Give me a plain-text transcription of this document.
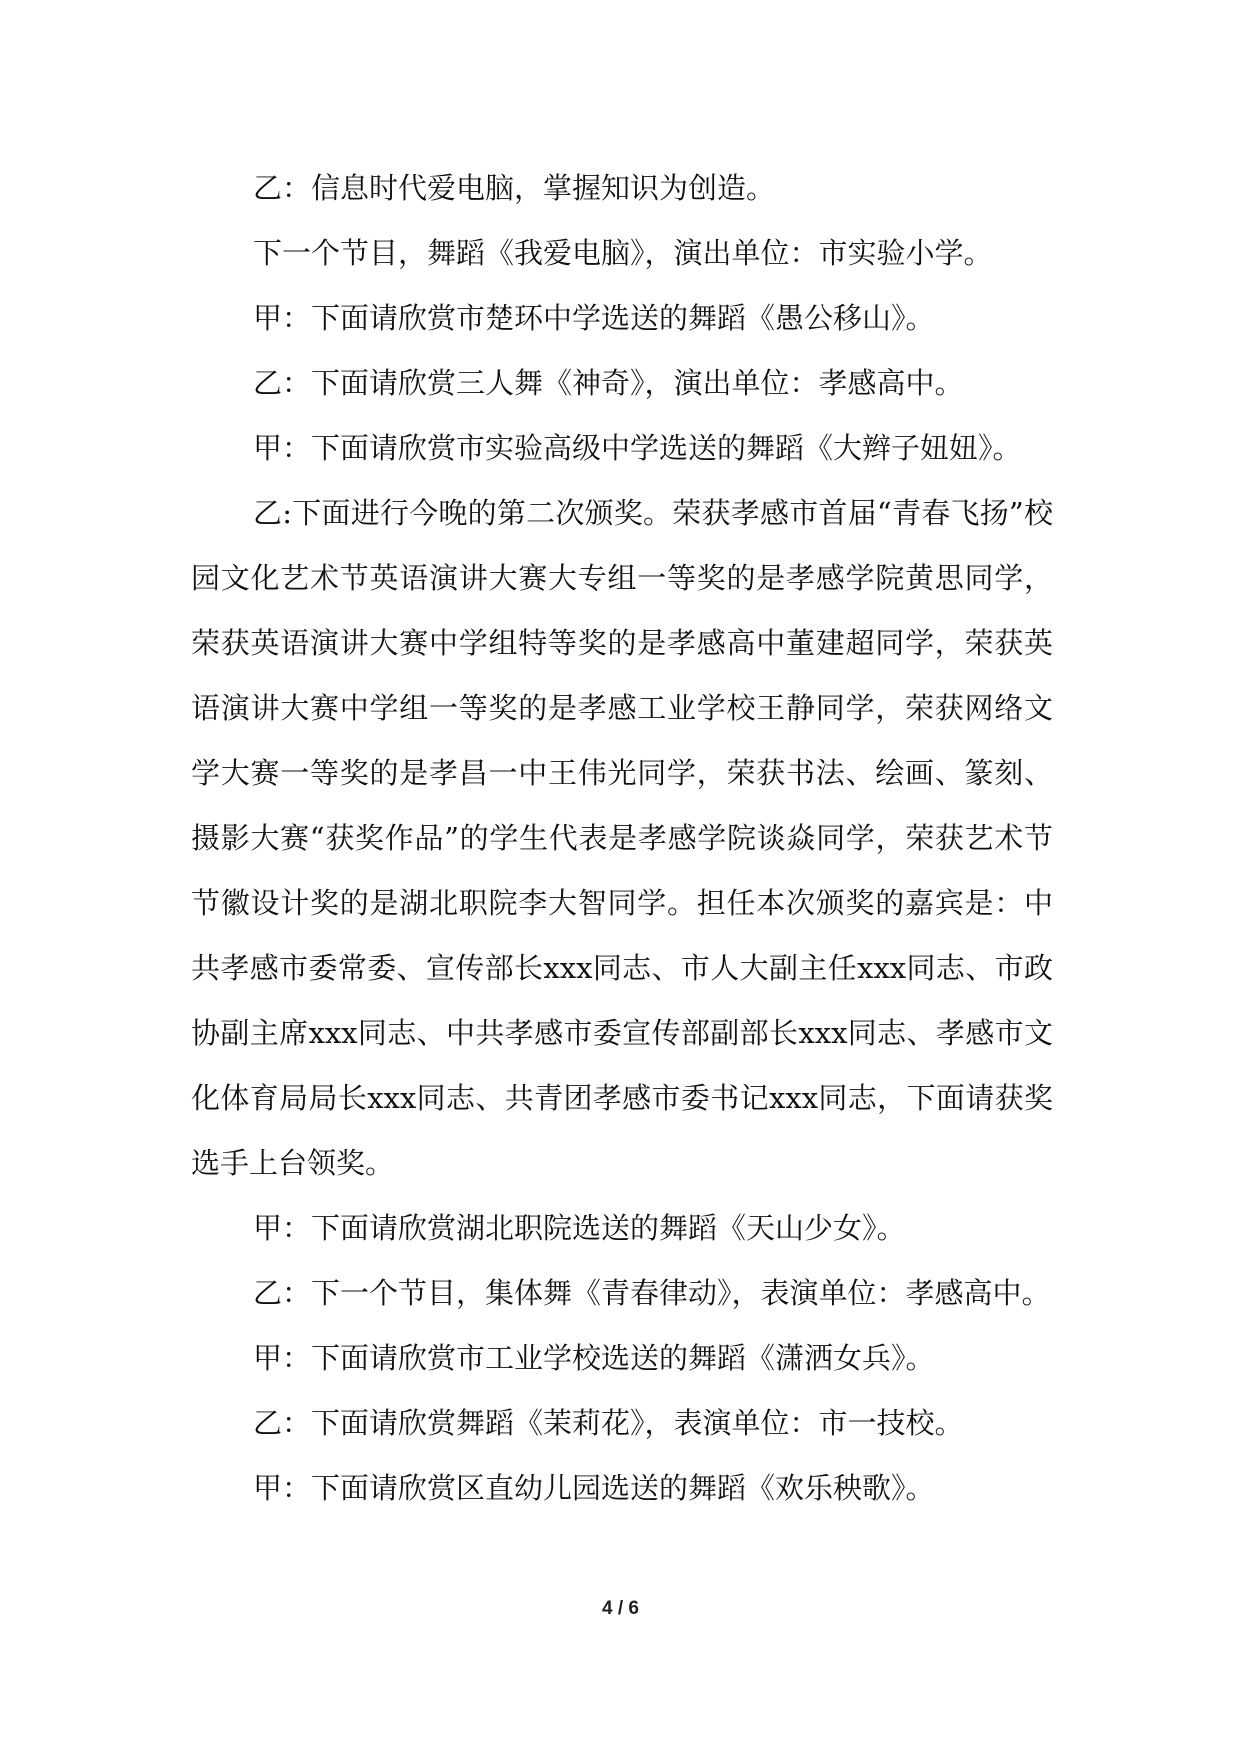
乙：信息时代爱电脑，掌握知识为创造。

下一个节目，舞蹈《我爱电脑》，演出单位：市实验小学。

甲：下面请欣赏市楚环中学选送的舞蹈《愚公移山》。

乙：下面请欣赏三人舞《神奇》，演出单位：孝感高中。

甲：下面请欣赏市实验高级中学选送的舞蹈《大辫子妞妞》。

乙:下面进行今晚的第二次颁奖。荣获孝感市首届“青春飞扬”校园文化艺术节英语演讲大赛大专组一等奖的是孝感学院黄思同学，荣获英语演讲大赛中学组特等奖的是孝感高中董建超同学，荣获英语演讲大赛中学组一等奖的是孝感工业学校王静同学，荣获网络文学大赛一等奖的是孝昌一中王伟光同学，荣获书法、绘画、篆刻、摄影大赛“获奖作品”的学生代表是孝感学院谈焱同学，荣获艺术节节徽设计奖的是湖北职院李大智同学。担任本次颁奖的嘉宾是：中共孝感市委常委、宣传部长xxx同志、市人大副主任xxx同志、市政协副主席xxx同志、中共孝感市委宣传部副部长xxx同志、孝感市文化体育局局长xxx同志、共青团孝感市委书记xxx同志，下面请获奖选手上台领奖。

甲：下面请欣赏湖北职院选送的舞蹈《天山少女》。

乙：下一个节目，集体舞《青春律动》，表演单位：孝感高中。

甲：下面请欣赏市工业学校选送的舞蹈《潇洒女兵》。

乙：下面请欣赏舞蹈《茉莉花》，表演单位：市一技校。

甲：下面请欣赏区直幼儿园选送的舞蹈《欢乐秧歌》。

4 / 6
